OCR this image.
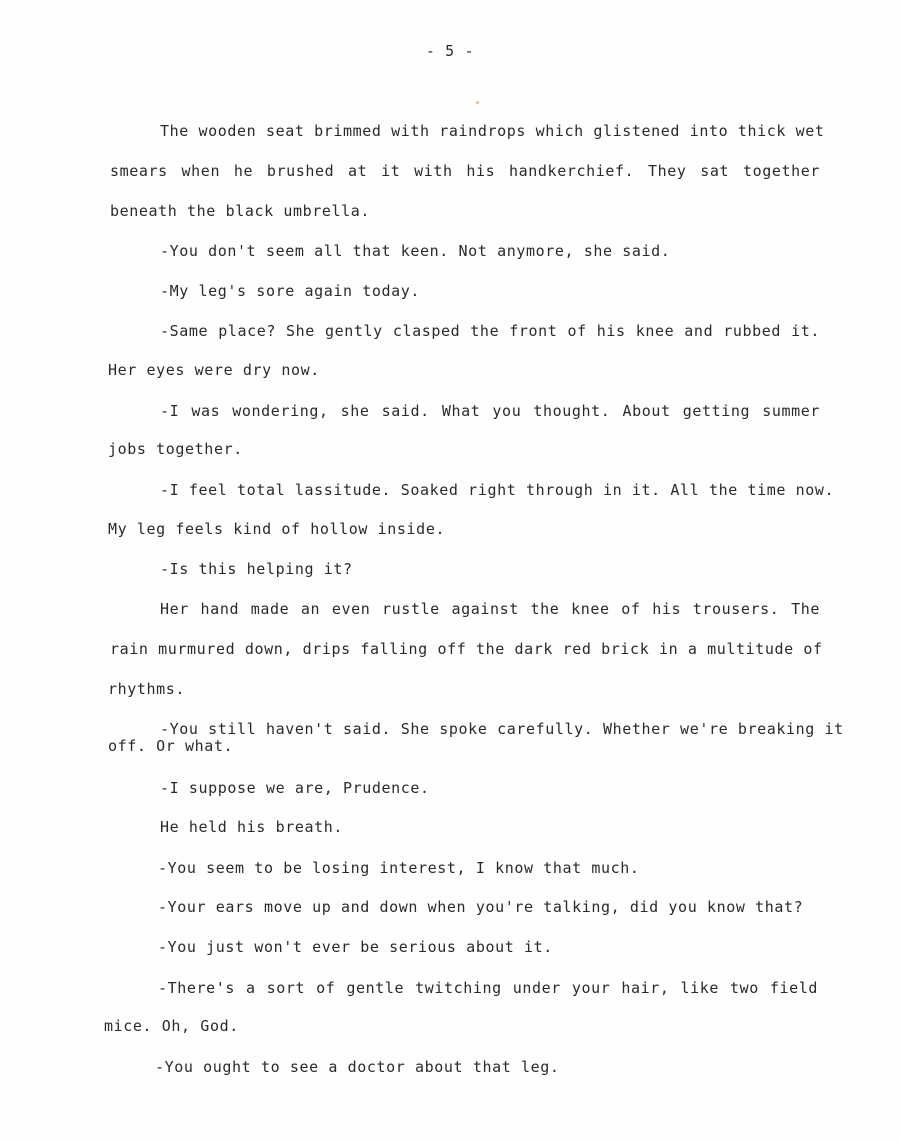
- 5 -
The wooden seat brimmed with raindrops which glistened into thick wet
smears when he brushed at it with his handkerchief. They sat together
beneath the black umbrella.
-You don't seem all that keen. Not anymore, she said.
-My leg's sore again today.
-Same place? She gently clasped the front of his knee and rubbed it.
Her eyes were dry now.
-I was wondering, she said. What you thought. About getting summer
jobs together.
-I feel total lassitude. Soaked right through in it. All the time now.
My leg feels kind of hollow inside.
-Is this helping it?
Her hand made an even rustle against the knee of his trousers. The
rain murmured down, drips falling off the dark red brick in a multitude of
rhythms.
-You still haven't said. She spoke carefully. Whether we're breaking it
off. Or what.
-I suppose we are, Prudence.
He held his breath.
-You seem to be losing interest, I know that much.
-Your ears move up and down when you're talking, did you know that?
-You just won't ever be serious about it.
-There's a sort of gentle twitching under your hair, like two field
mice. Oh, God.
-You ought to see a doctor about that leg.
